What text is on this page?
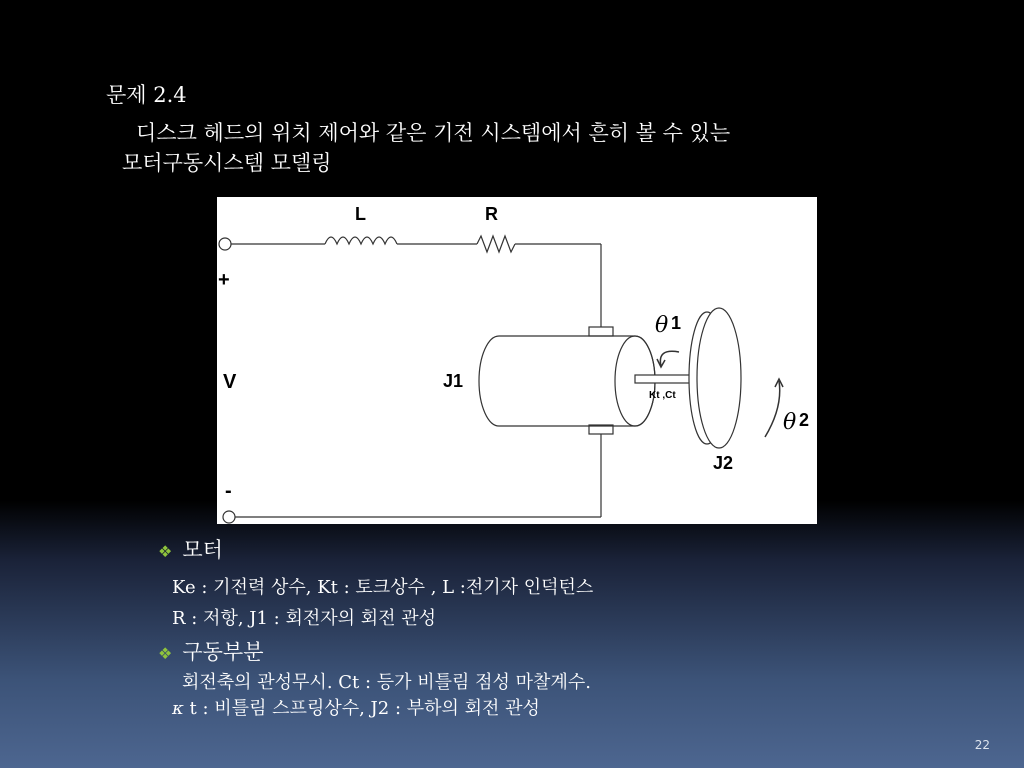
문제 2.4
디스크 헤드의 위치 제어와 같은 기전 시스템에서 흔히 볼 수 있는
모터구동시스템 모델링
L	R
+
V
-
J1
J2
θ 1
θ 2
Kt ,Ct
❖ 모터
Ke : 기전력 상수, Kt : 토크상수 , L :전기자 인덕턴스
R : 저항, J1 : 회전자의 회전 관성
❖ 구동부분
회전축의 관성무시. Ct : 등가 비틀림 점성 마찰계수.
κ t : 비틀림 스프링상수, J2 : 부하의 회전 관성
22
